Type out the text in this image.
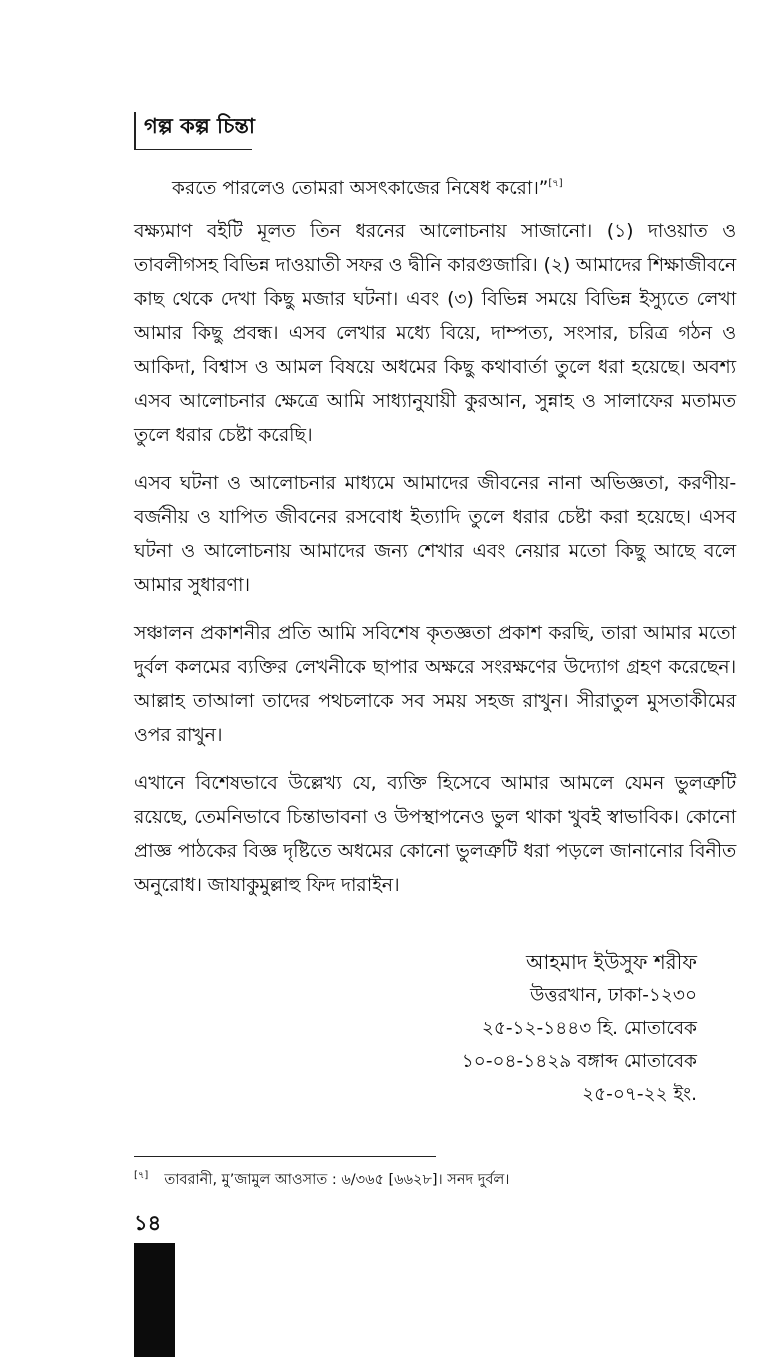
গল্প কল্প চিন্তা
করতে পারলেও তোমরা অসৎকাজের নিষেধ করো।”[৭]

বক্ষ্যমাণ বইটি মূলত তিন ধরনের আলোচনায় সাজানো। (১) দাওয়াত ও তাবলীগসহ বিভিন্ন দাওয়াতী সফর ও দ্বীনি কারগুজারি। (২) আমাদের শিক্ষাজীবনে কাছ থেকে দেখা কিছু মজার ঘটনা। এবং (৩) বিভিন্ন সময়ে বিভিন্ন ইস্যুতে লেখা আমার কিছু প্রবন্ধ। এসব লেখার মধ্যে বিয়ে, দাম্পত্য, সংসার, চরিত্র গঠন ও আকিদা, বিশ্বাস ও আমল বিষয়ে অধমের কিছু কথাবার্তা তুলে ধরা হয়েছে। অবশ্য এসব আলোচনার ক্ষেত্রে আমি সাধ্যানুযায়ী কুরআন, সুন্নাহ ও সালাফের মতামত তুলে ধরার চেষ্টা করেছি।

এসব ঘটনা ও আলোচনার মাধ্যমে আমাদের জীবনের নানা অভিজ্ঞতা, করণীয়-বর্জনীয় ও যাপিত জীবনের রসবোধ ইত্যাদি তুলে ধরার চেষ্টা করা হয়েছে। এসব ঘটনা ও আলোচনায় আমাদের জন্য শেখার এবং নেয়ার মতো কিছু আছে বলে আমার সুধারণা।

সঞ্চালন প্রকাশনীর প্রতি আমি সবিশেষ কৃতজ্ঞতা প্রকাশ করছি, তারা আমার মতো দুর্বল কলমের ব্যক্তির লেখনীকে ছাপার অক্ষরে সংরক্ষণের উদ্যোগ গ্রহণ করেছেন। আল্লাহ তাআলা তাদের পথচলাকে সব সময় সহজ রাখুন। সীরাতুল মুসতাকীমের ওপর রাখুন।

এখানে বিশেষভাবে উল্লেখ্য যে, ব্যক্তি হিসেবে আমার আমলে যেমন ভুলত্রুটি রয়েছে, তেমনিভাবে চিন্তাভাবনা ও উপস্থাপনেও ভুল থাকা খুবই স্বাভাবিক। কোনো প্রাজ্ঞ পাঠকের বিজ্ঞ দৃষ্টিতে অধমের কোনো ভুলত্রুটি ধরা পড়লে জানানোর বিনীত অনুরোধ। জাযাকুমুল্লাহু ফিদ দারাইন।

আহমাদ ইউসুফ শরীফ
উত্তরখান, ঢাকা-১২৩০
২৫-১২-১৪৪৩ হি. মোতাবেক
১০-০৪-১৪২৯ বঙ্গাব্দ মোতাবেক
২৫-০৭-২২ ইং.
[৭] তাবরানী, মু’জামুল আওসাত : ৬/৩৬৫ [৬৬২৮]। সনদ দুর্বল।
১৪
